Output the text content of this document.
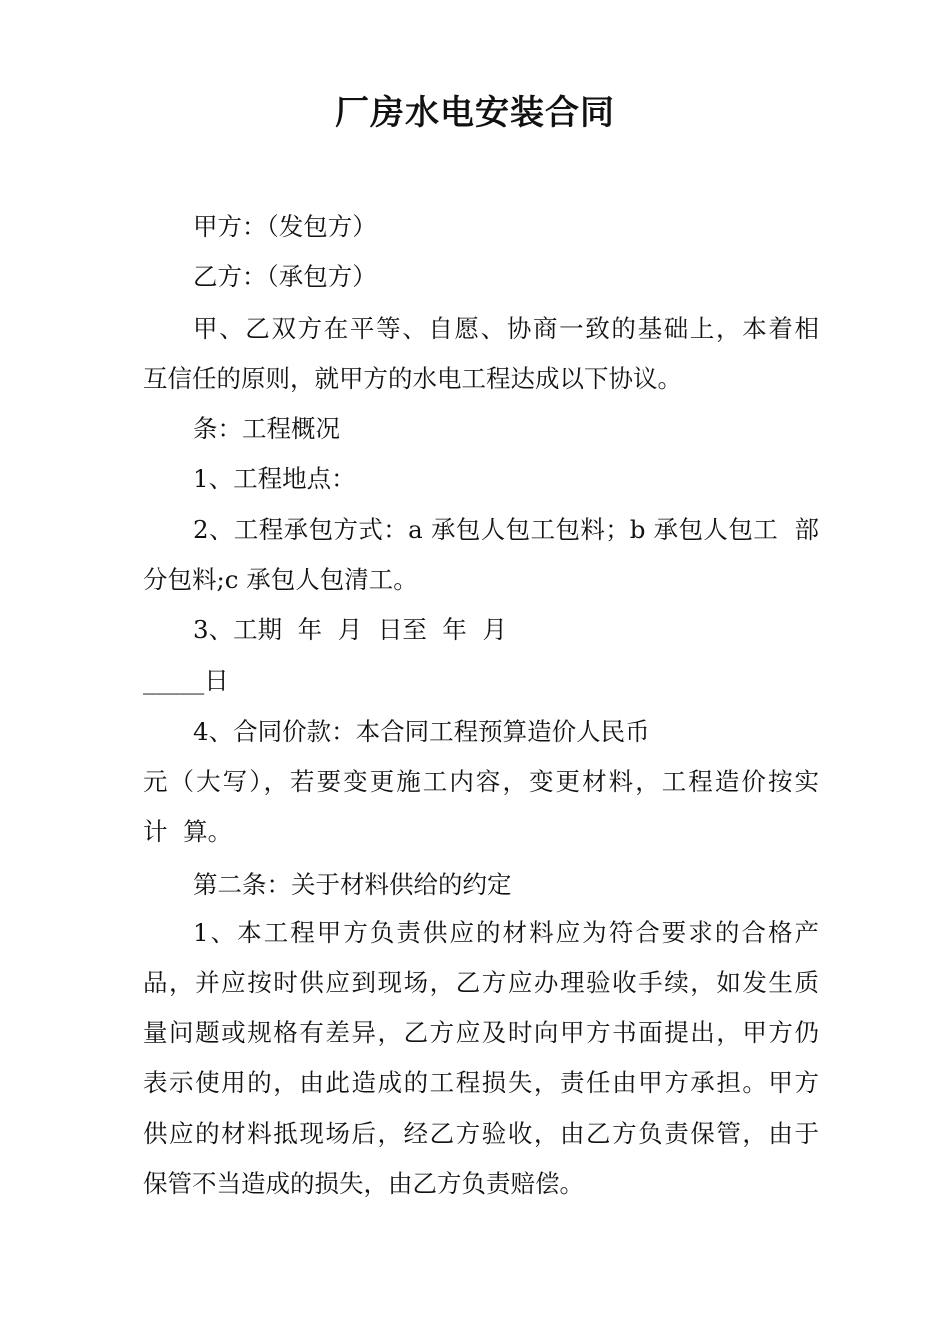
厂房水电安装合同

甲方：（发包方）

乙方：（承包方）

甲、乙双方在平等、自愿、协商一致的基础上，本着相

互信任的原则，就甲方的水电工程达成以下协议。

条：工程概况

1、工程地点：

2、工程承包方式：a 承包人包工包料；b 承包人包工  部

分包料;c 承包人包清工。

3、工期  年  月  日至  年  月

_____日

4、合同价款：本合同工程预算造价人民币

元（大写），若要变更施工内容，变更材料，工程造价按实

计  算。

第二条：关于材料供给的约定

1、本工程甲方负责供应的材料应为符合要求的合格产

品，并应按时供应到现场，乙方应办理验收手续，如发生质

量问题或规格有差异，乙方应及时向甲方书面提出，甲方仍

表示使用的，由此造成的工程损失，责任由甲方承担。甲方

供应的材料抵现场后，经乙方验收，由乙方负责保管，由于

保管不当造成的损失，由乙方负责赔偿。
